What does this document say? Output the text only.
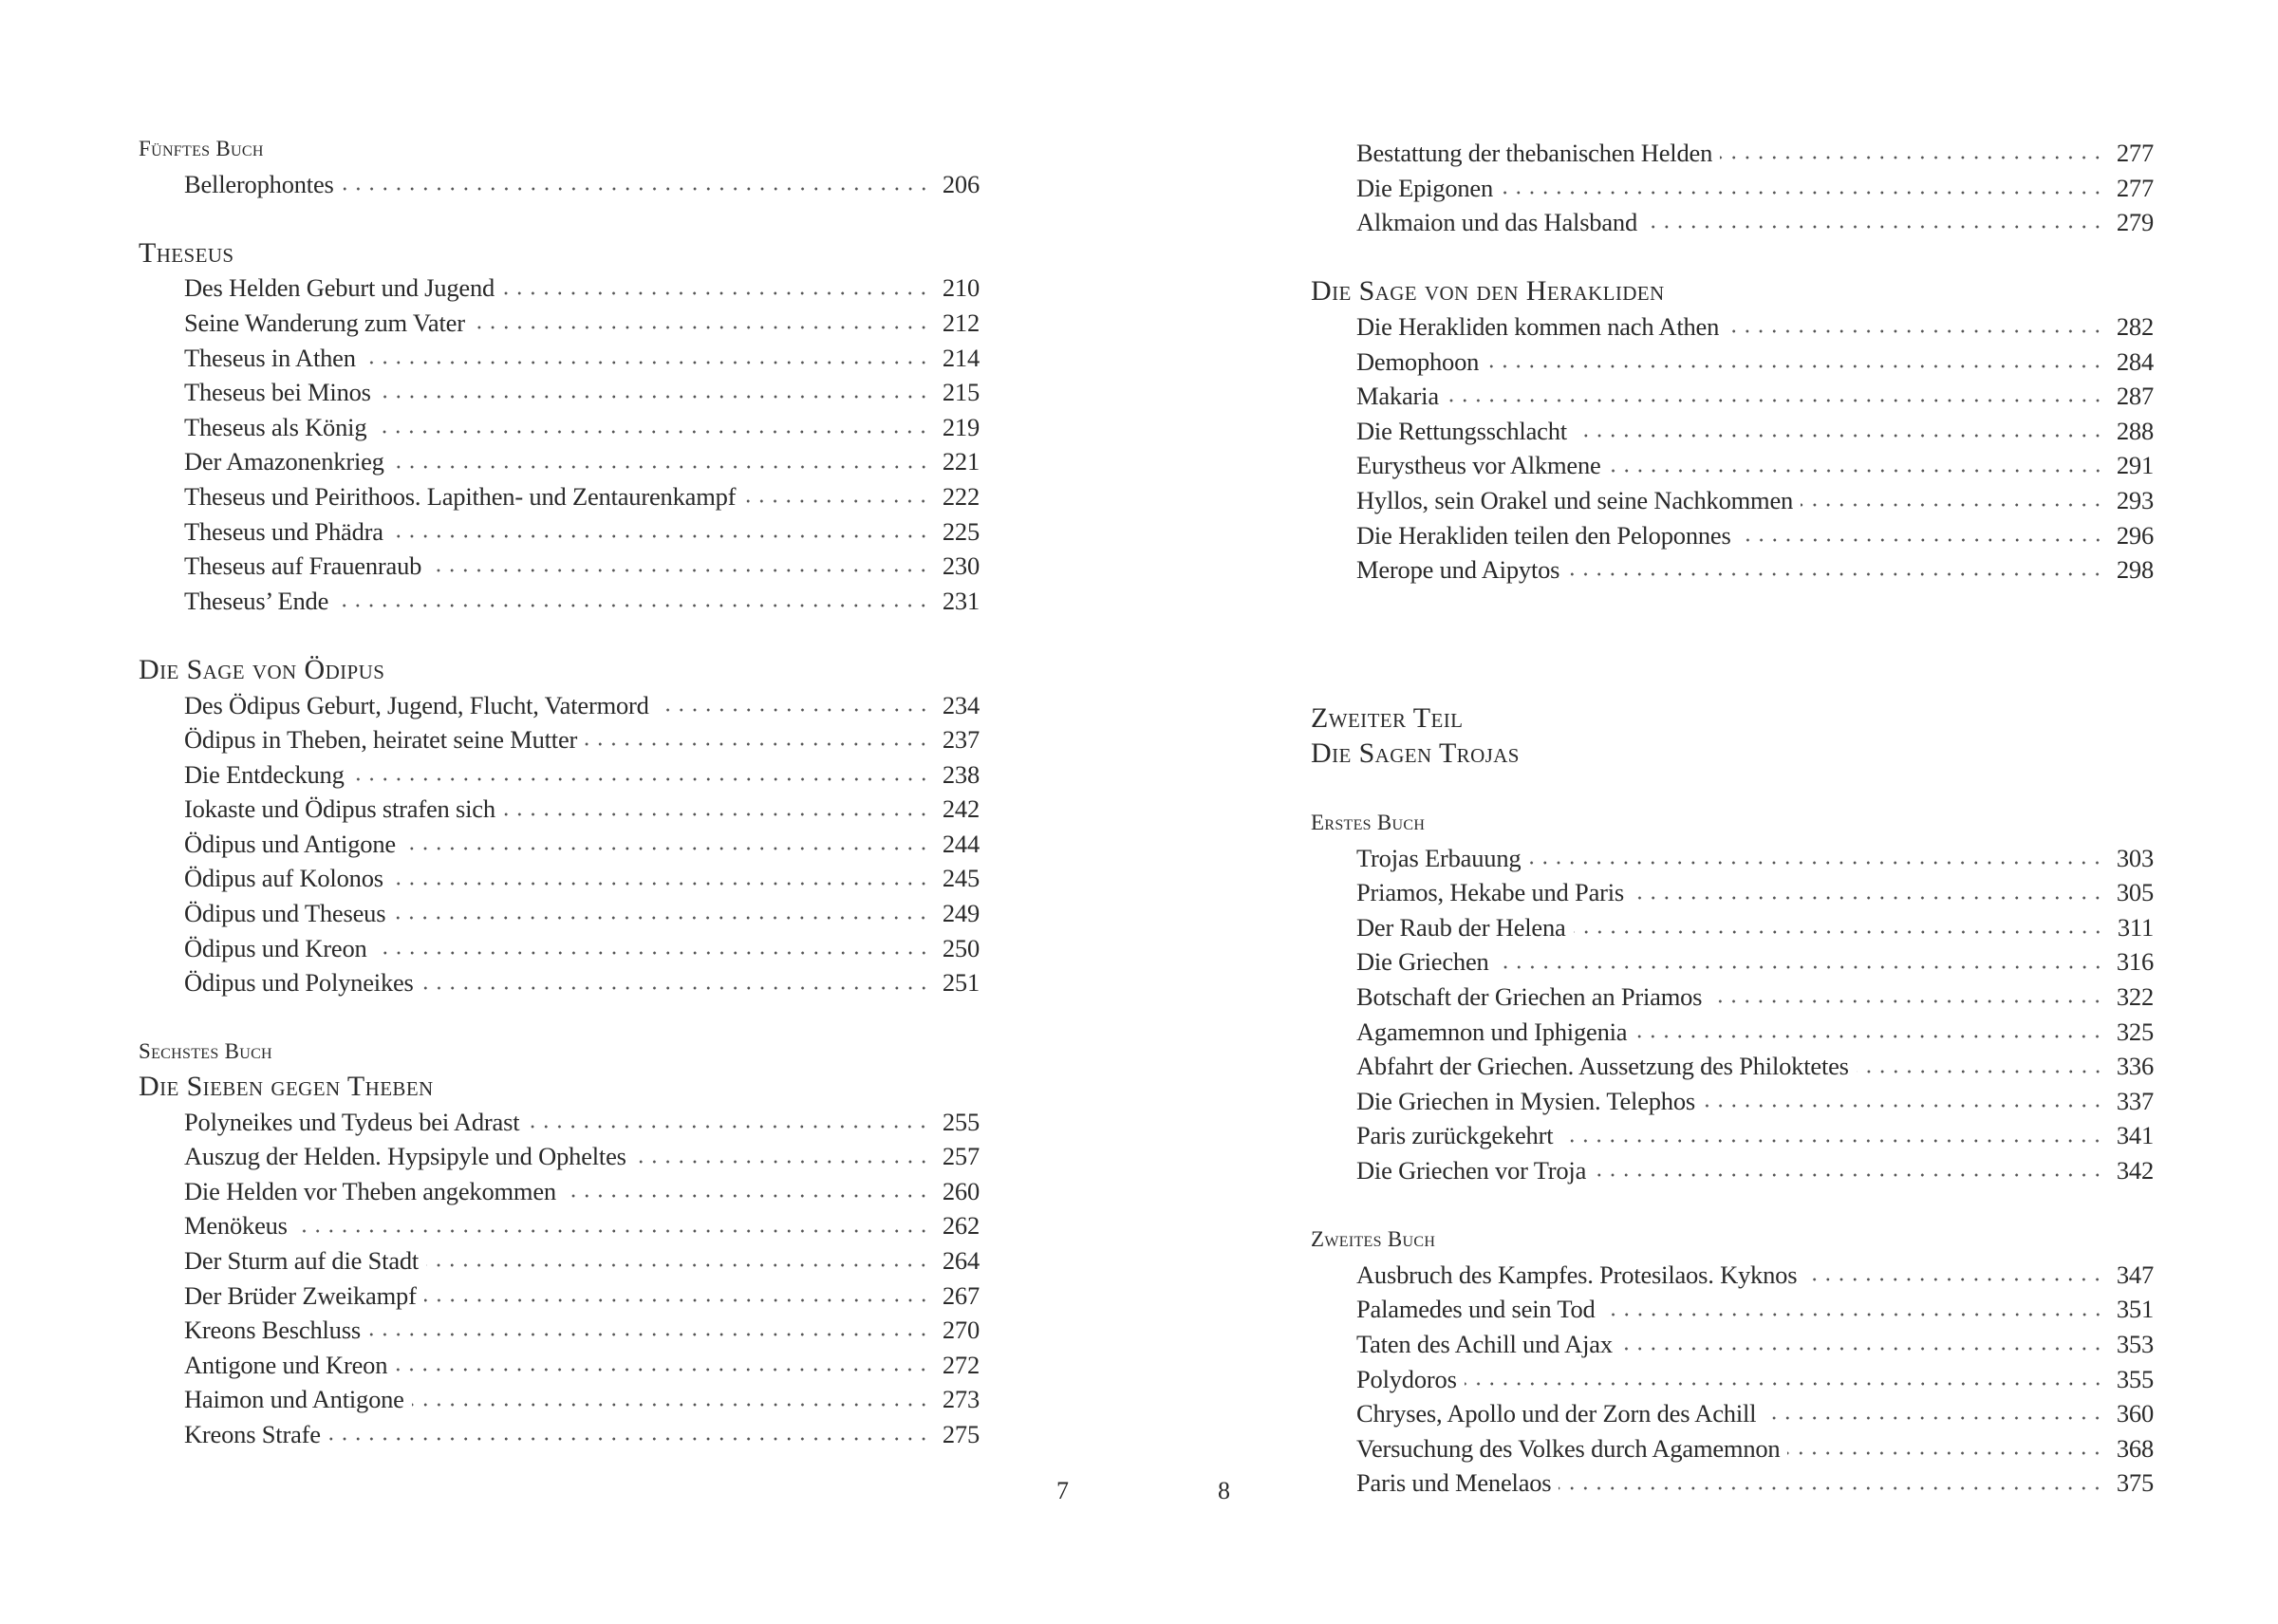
Fünftes Buch
Bellerophontes	206
Theseus
Des Helden Geburt und Jugend	210
Seine Wanderung zum Vater	212
Theseus in Athen	214
Theseus bei Minos	215
Theseus als König	219
Der Amazonenkrieg	221
Theseus und Peirithoos. Lapithen- und Zentaurenkampf	222
Theseus und Phädra	225
Theseus auf Frauenraub	230
Theseus’ Ende	231
Die Sage von Ödipus
Des Ödipus Geburt, Jugend, Flucht, Vatermord	234
Ödipus in Theben, heiratet seine Mutter	237
Die Entdeckung	238
Iokaste und Ödipus strafen sich	242
Ödipus und Antigone	244
Ödipus auf Kolonos	245
Ödipus und Theseus	249
Ödipus und Kreon	250
Ödipus und Polyneikes	251
Sechstes Buch
Die Sieben gegen Theben
Polyneikes und Tydeus bei Adrast	255
Auszug der Helden. Hypsipyle und Opheltes	257
Die Helden vor Theben angekommen	260
Menökeus	262
Der Sturm auf die Stadt	264
Der Brüder Zweikampf	267
Kreons Beschluss	270
Antigone und Kreon	272
Haimon und Antigone	273
Kreons Strafe	275
7	8
Bestattung der thebanischen Helden	277
Die Epigonen	277
Alkmaion und das Halsband	279
Die Sage von den Herakliden
Die Herakliden kommen nach Athen	282
Demophoon	284
Makaria	287
Die Rettungsschlacht	288
Eurystheus vor Alkmene	291
Hyllos, sein Orakel und seine Nachkommen	293
Die Herakliden teilen den Peloponnes	296
Merope und Aipytos	298
Zweiter Teil
Die Sagen Trojas
Erstes Buch
Trojas Erbauung	303
Priamos, Hekabe und Paris	305
Der Raub der Helena	311
Die Griechen	316
Botschaft der Griechen an Priamos	322
Agamemnon und Iphigenia	325
Abfahrt der Griechen. Aussetzung des Philoktetes	336
Die Griechen in Mysien. Telephos	337
Paris zurückgekehrt	341
Die Griechen vor Troja	342
Zweites Buch
Ausbruch des Kampfes. Protesilaos. Kyknos	347
Palamedes und sein Tod	351
Taten des Achill und Ajax	353
Polydoros	355
Chryses, Apollo und der Zorn des Achill	360
Versuchung des Volkes durch Agamemnon	368
Paris und Menelaos	375
